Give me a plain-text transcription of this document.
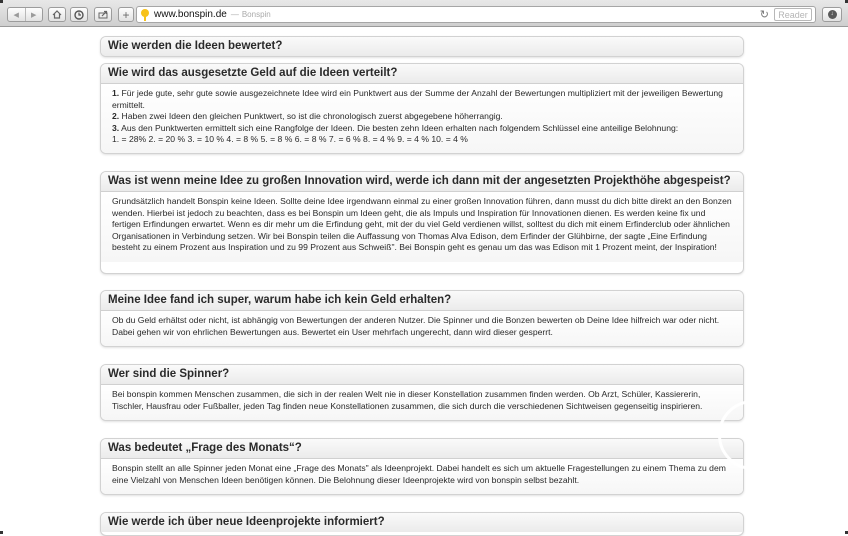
◀	▶	+ www.bonspin.de — Bonspin	↻	Reader	↓
Wie werden die Ideen bewertet?
Wie wird das ausgesetzte Geld auf die Ideen verteilt?
1. Für jede gute, sehr gute sowie ausgezeichnete Idee wird ein Punktwert aus der Summe der Anzahl der Bewertungen multipliziert mit der jeweiligen Bewertung ermittelt.
2. Haben zwei Ideen den gleichen Punktwert, so ist die chronologisch zuerst abgegebene höherrangig.
3. Aus den Punktwerten ermittelt sich eine Rangfolge der Ideen. Die besten zehn Ideen erhalten nach folgendem Schlüssel eine anteilige Belohnung:
1. = 28% 2. = 20 % 3. = 10 % 4. = 8 % 5. = 8 % 6. = 8 % 7. = 6 % 8. = 4 % 9. = 4 % 10. = 4 %
Was ist wenn meine Idee zu großen Innovation wird, werde ich dann mit der angesetzten Projekthöhe abgespeist?
Grundsätzlich handelt Bonspin keine Ideen. Sollte deine Idee irgendwann einmal zu einer großen Innovation führen, dann musst du dich bitte direkt an den Bonzen wenden. Hierbei ist jedoch zu beachten, dass es bei Bonspin um Ideen geht, die als Impuls und Inspiration für Innovationen dienen. Es werden keine fix und fertigen Erfindungen erwartet. Wenn es dir mehr um die Erfindung geht, mit der du viel Geld verdienen willst, solltest du dich mit einem Erfinderclub oder ähnlichen Organisationen in Verbindung setzen. Wir bei Bonspin teilen die Auffassung von Thomas Alva Edison, dem Erfinder der Glühbirne, der sagte „Eine Erfindung besteht zu einem Prozent aus Inspiration und zu 99 Prozent aus Schweiß". Bei Bonspin geht es genau um das was Edison mit 1 Prozent meint, der Inspiration!
Meine Idee fand ich super, warum habe ich kein Geld erhalten?
Ob du Geld erhältst oder nicht, ist abhängig von Bewertungen der anderen Nutzer. Die Spinner und die Bonzen bewerten ob Deine Idee hilfreich war oder nicht. Dabei gehen wir von ehrlichen Bewertungen aus. Bewertet ein User mehrfach ungerecht, dann wird dieser gesperrt.
Wer sind die Spinner?
Bei bonspin kommen Menschen zusammen, die sich in der realen Welt nie in dieser Konstellation zusammen finden werden. Ob Arzt, Schüler, Kassiererin, Tischler, Hausfrau oder Fußballer, jeden Tag finden neue Konstellationen zusammen, die sich durch die verschiedenen Sichtweisen gegenseitig inspirieren.
Was bedeutet „Frage des Monats“?
Bonspin stellt an alle Spinner jeden Monat eine „Frage des Monats" als Ideenprojekt. Dabei handelt es sich um aktuelle Fragestellungen zu einem Thema zu dem eine Vielzahl von Menschen Ideen benötigen können. Die Belohnung dieser Ideenprojekte wird von bonspin selbst bezahlt.
Wie werde ich über neue Ideenprojekte informiert?
